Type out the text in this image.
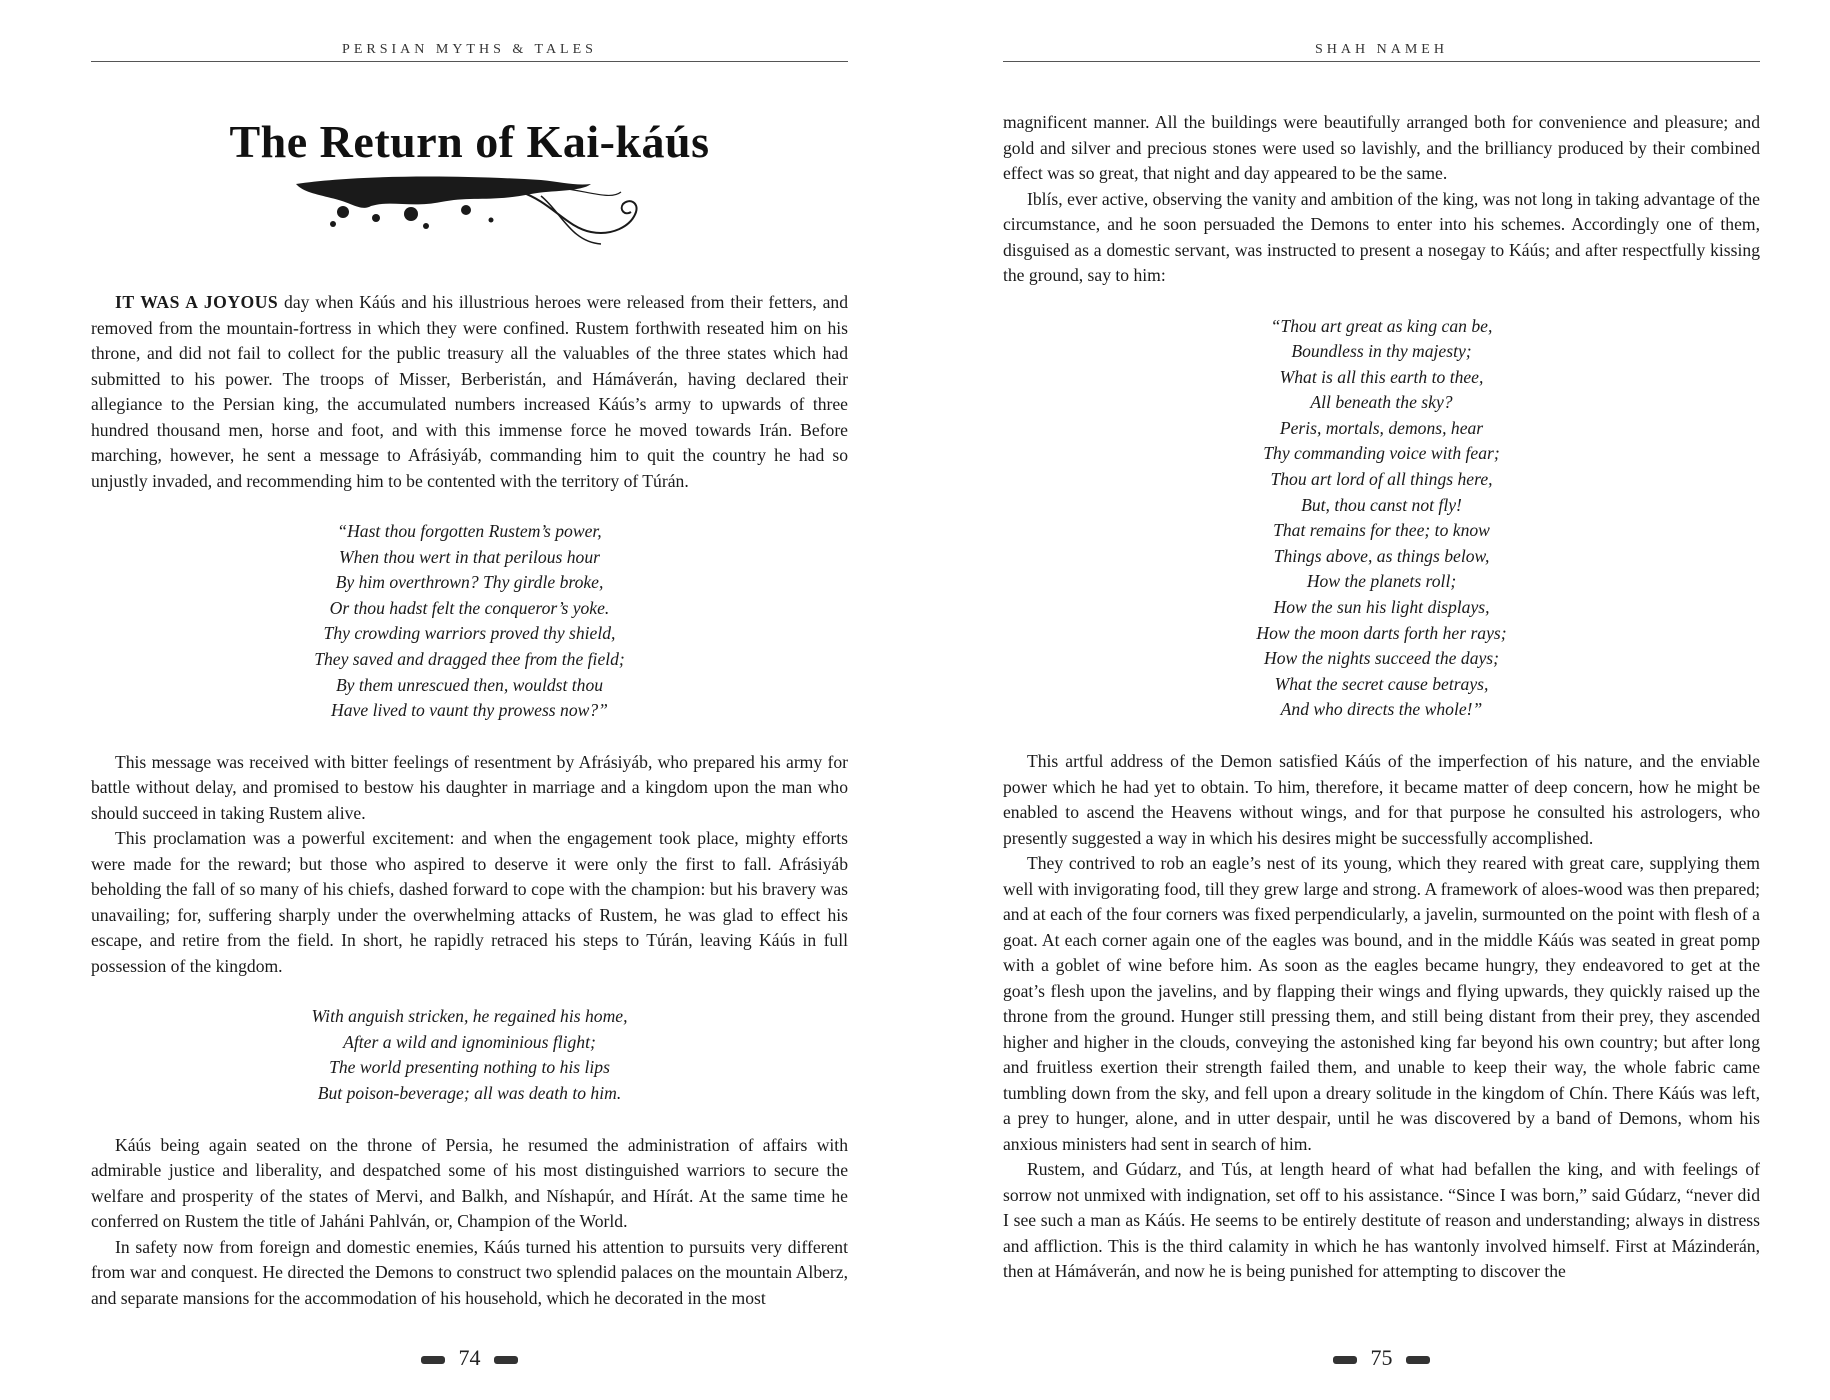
PERSIAN MYTHS & TALES
The Return of Kai-káús

IT WAS A JOYOUS day when Káús and his illustrious heroes were released from their fetters, and removed from the mountain-fortress in which they were confined. Rustem forthwith reseated him on his throne, and did not fail to collect for the public treasury all the valuables of the three states which had submitted to his power. The troops of Misser, Berberistán, and Hámáverán, having declared their allegiance to the Persian king, the accumulated numbers increased Káús’s army to upwards of three hundred thousand men, horse and foot, and with this immense force he moved towards Irán. Before marching, however, he sent a message to Afrásiyáb, commanding him to quit the country he had so unjustly invaded, and recommending him to be contented with the territory of Túrán.

“Hast thou forgotten Rustem’s power,
When thou wert in that perilous hour
By him overthrown? Thy girdle broke,
Or thou hadst felt the conqueror’s yoke.
Thy crowding warriors proved thy shield,
They saved and dragged thee from the field;
By them unrescued then, wouldst thou
Have lived to vaunt thy prowess now?”

This message was received with bitter feelings of resentment by Afrásiyáb, who prepared his army for battle without delay, and promised to bestow his daughter in marriage and a kingdom upon the man who should succeed in taking Rustem alive.

This proclamation was a powerful excitement: and when the engagement took place, mighty efforts were made for the reward; but those who aspired to deserve it were only the first to fall. Afrásiyáb beholding the fall of so many of his chiefs, dashed forward to cope with the champion: but his bravery was unavailing; for, suffering sharply under the overwhelming attacks of Rustem, he was glad to effect his escape, and retire from the field. In short, he rapidly retraced his steps to Túrán, leaving Káús in full possession of the kingdom.

With anguish stricken, he regained his home,
After a wild and ignominious flight;
The world presenting nothing to his lips
But poison-beverage; all was death to him.

Káús being again seated on the throne of Persia, he resumed the administration of affairs with admirable justice and liberality, and despatched some of his most distinguished warriors to secure the welfare and prosperity of the states of Mervi, and Balkh, and Níshapúr, and Hírát. At the same time he conferred on Rustem the title of Jaháni Pahlván, or, Champion of the World.

In safety now from foreign and domestic enemies, Káús turned his attention to pursuits very different from war and conquest. He directed the Demons to construct two splendid palaces on the mountain Alberz, and separate mansions for the accommodation of his household, which he decorated in the most

74
SHAH NAMEH

magnificent manner. All the buildings were beautifully arranged both for convenience and pleasure; and gold and silver and precious stones were used so lavishly, and the brilliancy produced by their combined effect was so great, that night and day appeared to be the same.

Iblís, ever active, observing the vanity and ambition of the king, was not long in taking advantage of the circumstance, and he soon persuaded the Demons to enter into his schemes. Accordingly one of them, disguised as a domestic servant, was instructed to present a nosegay to Káús; and after respectfully kissing the ground, say to him:

“Thou art great as king can be,
Boundless in thy majesty;
What is all this earth to thee,
All beneath the sky?
Peris, mortals, demons, hear
Thy commanding voice with fear;
Thou art lord of all things here,
But, thou canst not fly!
That remains for thee; to know
Things above, as things below,
How the planets roll;
How the sun his light displays,
How the moon darts forth her rays;
How the nights succeed the days;
What the secret cause betrays,
And who directs the whole!”

This artful address of the Demon satisfied Káús of the imperfection of his nature, and the enviable power which he had yet to obtain. To him, therefore, it became matter of deep concern, how he might be enabled to ascend the Heavens without wings, and for that purpose he consulted his astrologers, who presently suggested a way in which his desires might be successfully accomplished.

They contrived to rob an eagle’s nest of its young, which they reared with great care, supplying them well with invigorating food, till they grew large and strong. A framework of aloes-wood was then prepared; and at each of the four corners was fixed perpendicularly, a javelin, surmounted on the point with flesh of a goat. At each corner again one of the eagles was bound, and in the middle Káús was seated in great pomp with a goblet of wine before him. As soon as the eagles became hungry, they endeavored to get at the goat’s flesh upon the javelins, and by flapping their wings and flying upwards, they quickly raised up the throne from the ground. Hunger still pressing them, and still being distant from their prey, they ascended higher and higher in the clouds, conveying the astonished king far beyond his own country; but after long and fruitless exertion their strength failed them, and unable to keep their way, the whole fabric came tumbling down from the sky, and fell upon a dreary solitude in the kingdom of Chín. There Káús was left, a prey to hunger, alone, and in utter despair, until he was discovered by a band of Demons, whom his anxious ministers had sent in search of him.

Rustem, and Gúdarz, and Tús, at length heard of what had befallen the king, and with feelings of sorrow not unmixed with indignation, set off to his assistance. “Since I was born,” said Gúdarz, “never did I see such a man as Káús. He seems to be entirely destitute of reason and understanding; always in distress and affliction. This is the third calamity in which he has wantonly involved himself. First at Mázinderán, then at Hámáverán, and now he is being punished for attempting to discover the

75
